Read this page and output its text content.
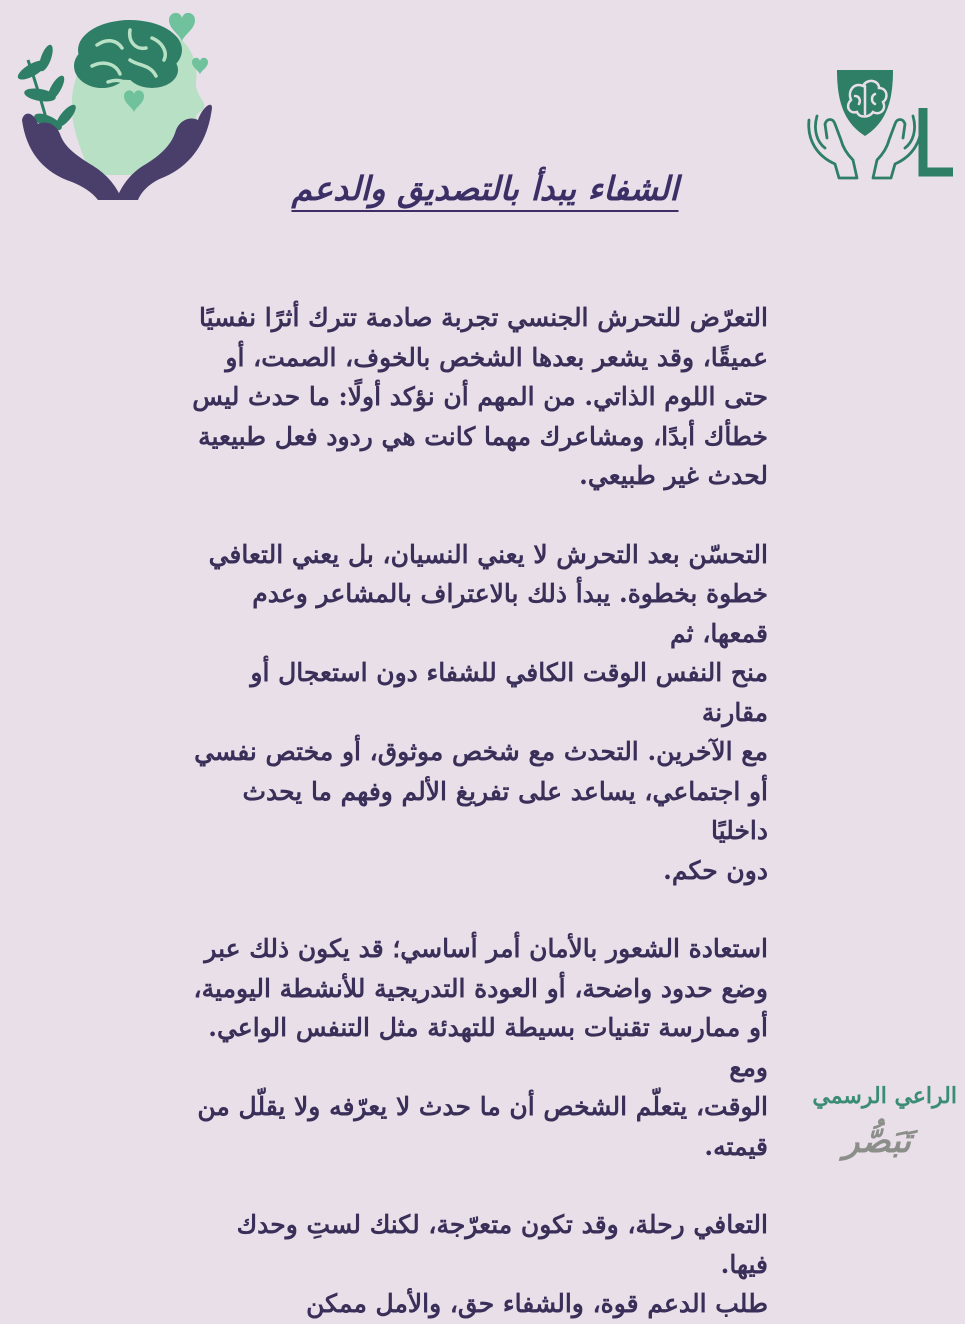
الشفاء يبدأ بالتصديق والدعم

التعرّض للتحرش الجنسي تجربة صادمة تترك أثرًا نفسيًا
عميقًا، وقد يشعر بعدها الشخص بالخوف، الصمت، أو
حتى اللوم الذاتي. من المهم أن نؤكد أولًا: ما حدث ليس
خطأك أبدًا، ومشاعرك مهما كانت هي ردود فعل طبيعية
لحدث غير طبيعي.

التحسّن بعد التحرش لا يعني النسيان، بل يعني التعافي
خطوة بخطوة. يبدأ ذلك بالاعتراف بالمشاعر وعدم قمعها، ثم
منح النفس الوقت الكافي للشفاء دون استعجال أو مقارنة
مع الآخرين. التحدث مع شخص موثوق، أو مختص نفسي
أو اجتماعي، يساعد على تفريغ الألم وفهم ما يحدث داخليًا
دون حكم.

استعادة الشعور بالأمان أمر أساسي؛ قد يكون ذلك عبر
وضع حدود واضحة، أو العودة التدريجية للأنشطة اليومية،
أو ممارسة تقنيات بسيطة للتهدئة مثل التنفس الواعي. ومع
الوقت، يتعلّم الشخص أن ما حدث لا يعرّفه ولا يقلّل من
قيمته.

التعافي رحلة، وقد تكون متعرّجة، لكنك لستِ وحدك فيها.
طلب الدعم قوة، والشفاء حق، والأمل ممكن

الراعي الرسمي
تَبَصُّر
